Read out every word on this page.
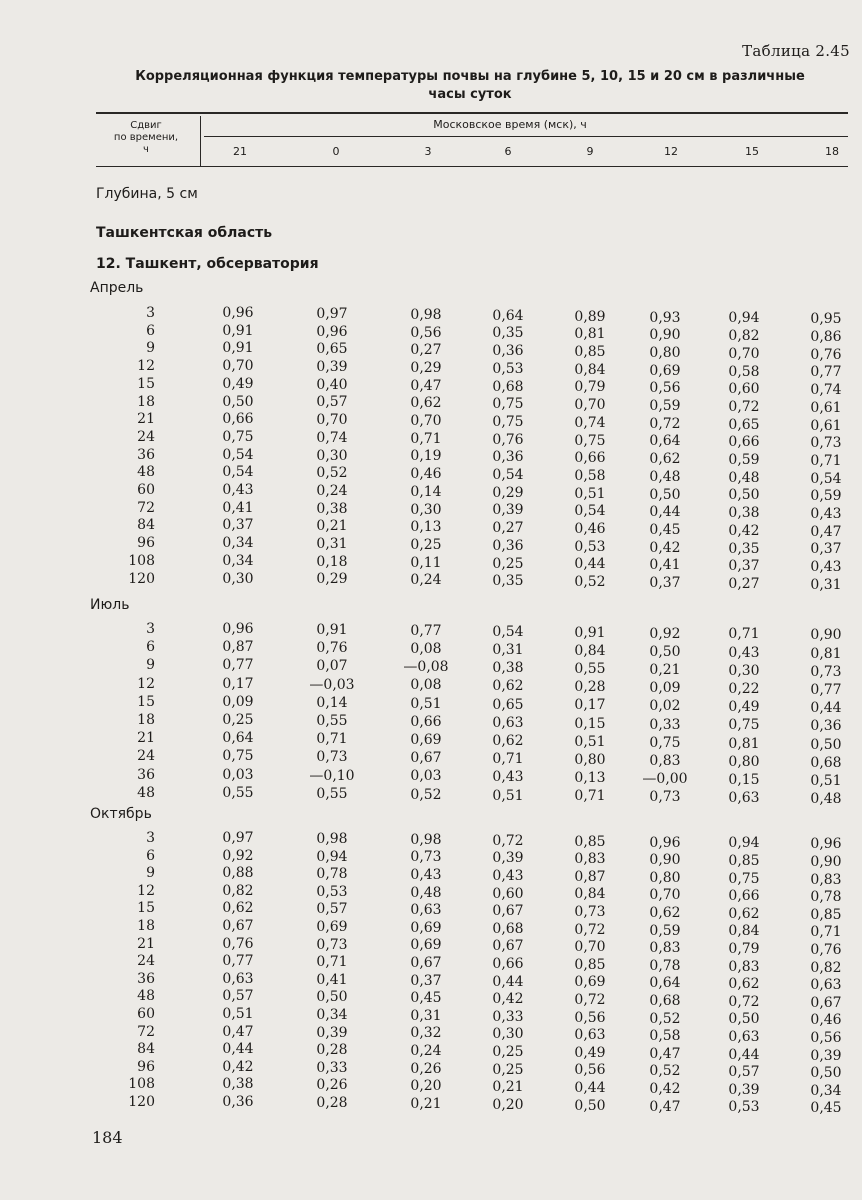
Таблица 2.45
Корреляционная функция температуры почвы на глубине 5, 10, 15 и 20 см в различные
часы суток
Сдвиг
по времени,
ч
Московское время (мск), ч
21	0	3	6	9	12	15	18
Глубина, 5 см
Ташкентская область
12. Ташкент, обсерватория
Апрель
3	0,96	0,97	0,98	0,64	0,89	0,93	0,94	0,95
6	0,91	0,96	0,56	0,35	0,81	0,90	0,82	0,86
9	0,91	0,65	0,27	0,36	0,85	0,80	0,70	0,76
12	0,70	0,39	0,29	0,53	0,84	0,69	0,58	0,77
15	0,49	0,40	0,47	0,68	0,79	0,56	0,60	0,74
18	0,50	0,57	0,62	0,75	0,70	0,59	0,72	0,61
21	0,66	0,70	0,70	0,75	0,74	0,72	0,65	0,61
24	0,75	0,74	0,71	0,76	0,75	0,64	0,66	0,73
36	0,54	0,30	0,19	0,36	0,66	0,62	0,59	0,71
48	0,54	0,52	0,46	0,54	0,58	0,48	0,48	0,54
60	0,43	0,24	0,14	0,29	0,51	0,50	0,50	0,59
72	0,41	0,38	0,30	0,39	0,54	0,44	0,38	0,43
84	0,37	0,21	0,13	0,27	0,46	0,45	0,42	0,47
96	0,34	0,31	0,25	0,36	0,53	0,42	0,35	0,37
108	0,34	0,18	0,11	0,25	0,44	0,41	0,37	0,43
120	0,30	0,29	0,24	0,35	0,52	0,37	0,27	0,31
Июль
3	0,96	0,91	0,77	0,54	0,91	0,92	0,71	0,90
6	0,87	0,76	0,08	0,31	0,84	0,50	0,43	0,81
9	0,77	0,07	—0,08	0,38	0,55	0,21	0,30	0,73
12	0,17	—0,03	0,08	0,62	0,28	0,09	0,22	0,77
15	0,09	0,14	0,51	0,65	0,17	0,02	0,49	0,44
18	0,25	0,55	0,66	0,63	0,15	0,33	0,75	0,36
21	0,64	0,71	0,69	0,62	0,51	0,75	0,81	0,50
24	0,75	0,73	0,67	0,71	0,80	0,83	0,80	0,68
36	0,03	—0,10	0,03	0,43	0,13	—0,00	0,15	0,51
48	0,55	0,55	0,52	0,51	0,71	0,73	0,63	0,48
Октябрь
3	0,97	0,98	0,98	0,72	0,85	0,96	0,94	0,96
6	0,92	0,94	0,73	0,39	0,83	0,90	0,85	0,90
9	0,88	0,78	0,43	0,43	0,87	0,80	0,75	0,83
12	0,82	0,53	0,48	0,60	0,84	0,70	0,66	0,78
15	0,62	0,57	0,63	0,67	0,73	0,62	0,62	0,85
18	0,67	0,69	0,69	0,68	0,72	0,59	0,84	0,71
21	0,76	0,73	0,69	0,67	0,70	0,83	0,79	0,76
24	0,77	0,71	0,67	0,66	0,85	0,78	0,83	0,82
36	0,63	0,41	0,37	0,44	0,69	0,64	0,62	0,63
48	0,57	0,50	0,45	0,42	0,72	0,68	0,72	0,67
60	0,51	0,34	0,31	0,33	0,56	0,52	0,50	0,46
72	0,47	0,39	0,32	0,30	0,63	0,58	0,63	0,56
84	0,44	0,28	0,24	0,25	0,49	0,47	0,44	0,39
96	0,42	0,33	0,26	0,25	0,56	0,52	0,57	0,50
108	0,38	0,26	0,20	0,21	0,44	0,42	0,39	0,34
120	0,36	0,28	0,21	0,20	0,50	0,47	0,53	0,45
184
